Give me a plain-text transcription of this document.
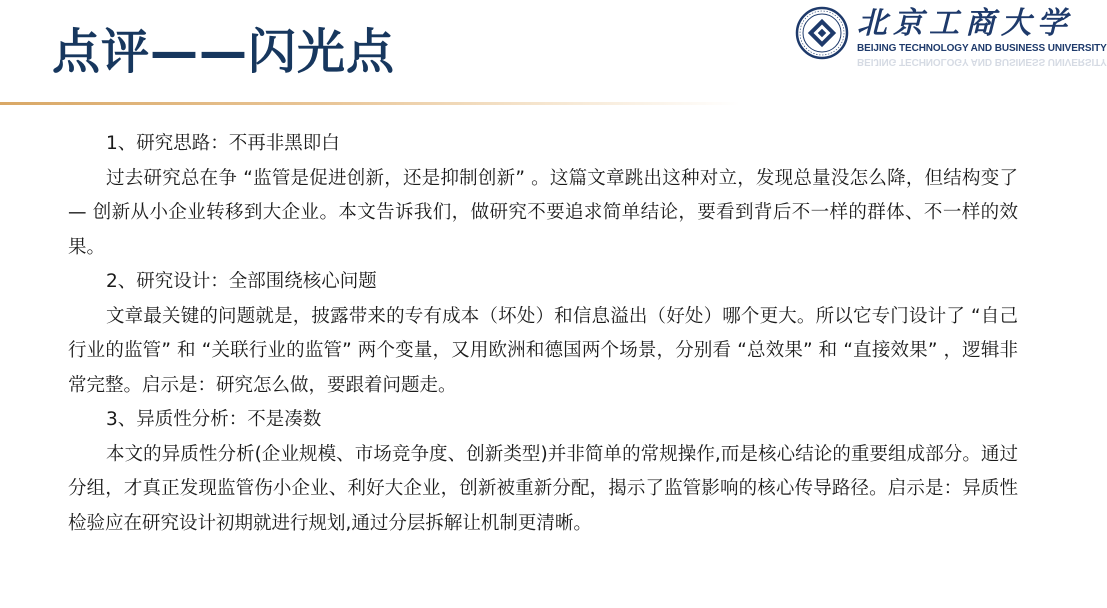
点评——闪光点
北京工商大学
BEIJING TECHNOLOGY AND BUSINESS UNIVERSITY
BEIJING TECHNOLOGY AND BUSINESS UNIVERSITY

1、研究思路：不再非黑即白

过去研究总在争 “监管是促进创新，还是抑制创新” 。这篇文章跳出这种对立，发现总量没怎么降，但结构变了 — 创新从小企业转移到大企业。本文告诉我们，做研究不要追求简单结论，要看到背后不一样的群体、不一样的效果。

2、研究设计：全部围绕核心问题

文章最关键的问题就是，披露带来的专有成本（坏处）和信息溢出（好处）哪个更大。所以它专门设计了 “自己行业的监管” 和 “关联行业的监管” 两个变量，又用欧洲和德国两个场景，分别看 “总效果” 和 “直接效果” ，逻辑非常完整。启示是：研究怎么做，要跟着问题走。

3、异质性分析：不是凑数

本文的异质性分析(企业规模、市场竞争度、创新类型)并非简单的常规操作,而是核心结论的重要组成部分。通过分组，才真正发现监管伤小企业、利好大企业，创新被重新分配，揭示了监管影响的核心传导路径。启示是：异质性检验应在研究设计初期就进行规划,通过分层拆解让机制更清晰。
